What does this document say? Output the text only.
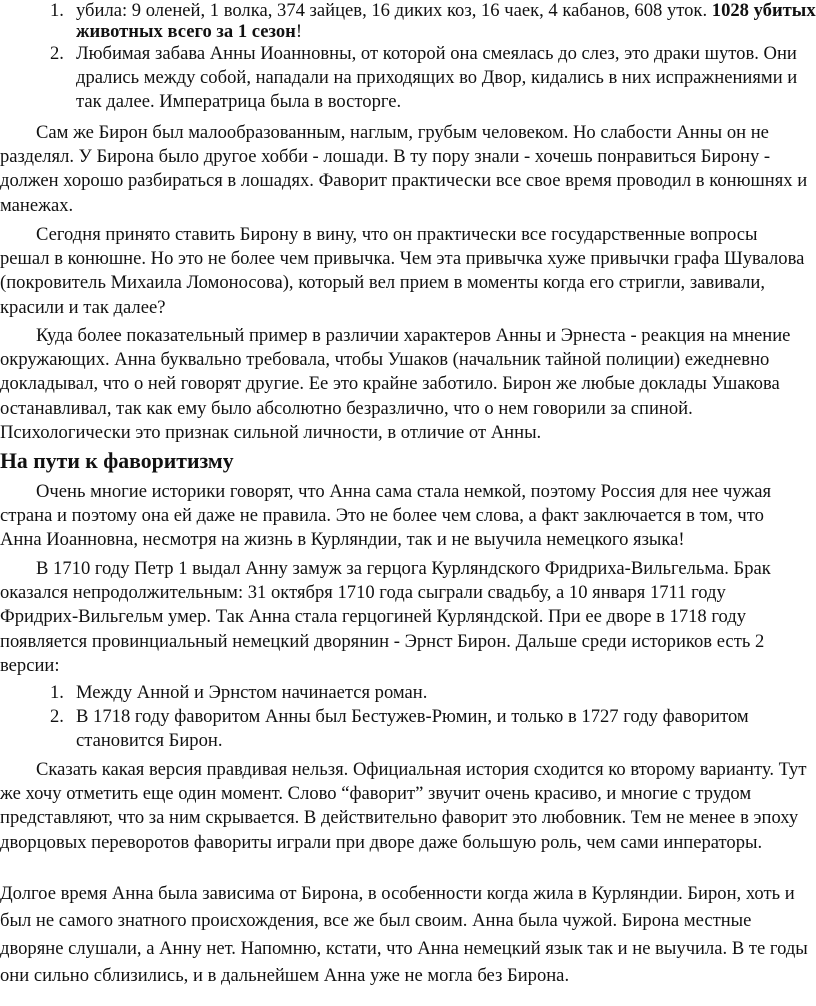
1. убила: 9 оленей, 1 волка, 374 зайцев, 16 диких коз, 16 чаек, 4 кабанов, 608 уток. 1028 убитых животных всего за 1 сезон!
2. Любимая забава Анны Иоанновны, от которой она смеялась до слез, это драки шутов. Они дрались между собой, нападали на приходящих во Двор, кидались в них испражнениями и так далее. Императрица была в восторге.

Сам же Бирон был малообразованным, наглым, грубым человеком. Но слабости Анны он не разделял. У Бирона было другое хобби - лошади. В ту пору знали - хочешь понравиться Бирону - должен хорошо разбираться в лошадях. Фаворит практически все свое время проводил в конюшнях и манежах.

Сегодня принято ставить Бирону в вину, что он практически все государственные вопросы решал в конюшне. Но это не более чем привычка. Чем эта привычка хуже привычки графа Шувалова (покровитель Михаила Ломоносова), который вел прием в моменты когда его стригли, завивали, красили и так далее?

Куда более показательный пример в различии характеров Анны и Эрнеста - реакция на мнение окружающих. Анна буквально требовала, чтобы Ушаков (начальник тайной полиции) ежедневно докладывал, что о ней говорят другие. Ее это крайне заботило. Бирон же любые доклады Ушакова останавливал, так как ему было абсолютно безразлично, что о нем говорили за спиной. Психологически это признак сильной личности, в отличие от Анны.

На пути к фаворитизму

Очень многие историки говорят, что Анна сама стала немкой, поэтому Россия для нее чужая страна и поэтому она ей даже не правила. Это не более чем слова, а факт заключается в том, что Анна Иоанновна, несмотря на жизнь в Курляндии, так и не выучила немецкого языка!

В 1710 году Петр 1 выдал Анну замуж за герцога Курляндского Фридриха-Вильгельма. Брак оказался непродолжительным: 31 октября 1710 года сыграли свадьбу, а 10 января 1711 году Фридрих-Вильгельм умер. Так Анна стала герцогиней Курляндской. При ее дворе в 1718 году появляется провинциальный немецкий дворянин - Эрнст Бирон. Дальше среди историков есть 2 версии:

1. Между Анной и Эрнстом начинается роман.
2. В 1718 году фаворитом Анны был Бестужев-Рюмин, и только в 1727 году фаворитом становится Бирон.

Сказать какая версия правдивая нельзя. Официальная история сходится ко второму варианту. Тут же хочу отметить еще один момент. Слово “фаворит” звучит очень красиво, и многие с трудом представляют, что за ним скрывается. В действительно фаворит это любовник. Тем не менее в эпоху дворцовых переворотов фавориты играли при дворе даже большую роль, чем сами инператоры.

Долгое время Анна была зависима от Бирона, в особенности когда жила в Курляндии. Бирон, хоть и был не самого знатного происхождения, все же был своим. Анна была чужой. Бирона местные дворяне слушали, а Анну нет. Напомню, кстати, что Анна немецкий язык так и не выучила. В те годы они сильно сблизились, и в дальнейшем Анна уже не могла без Бирона.
